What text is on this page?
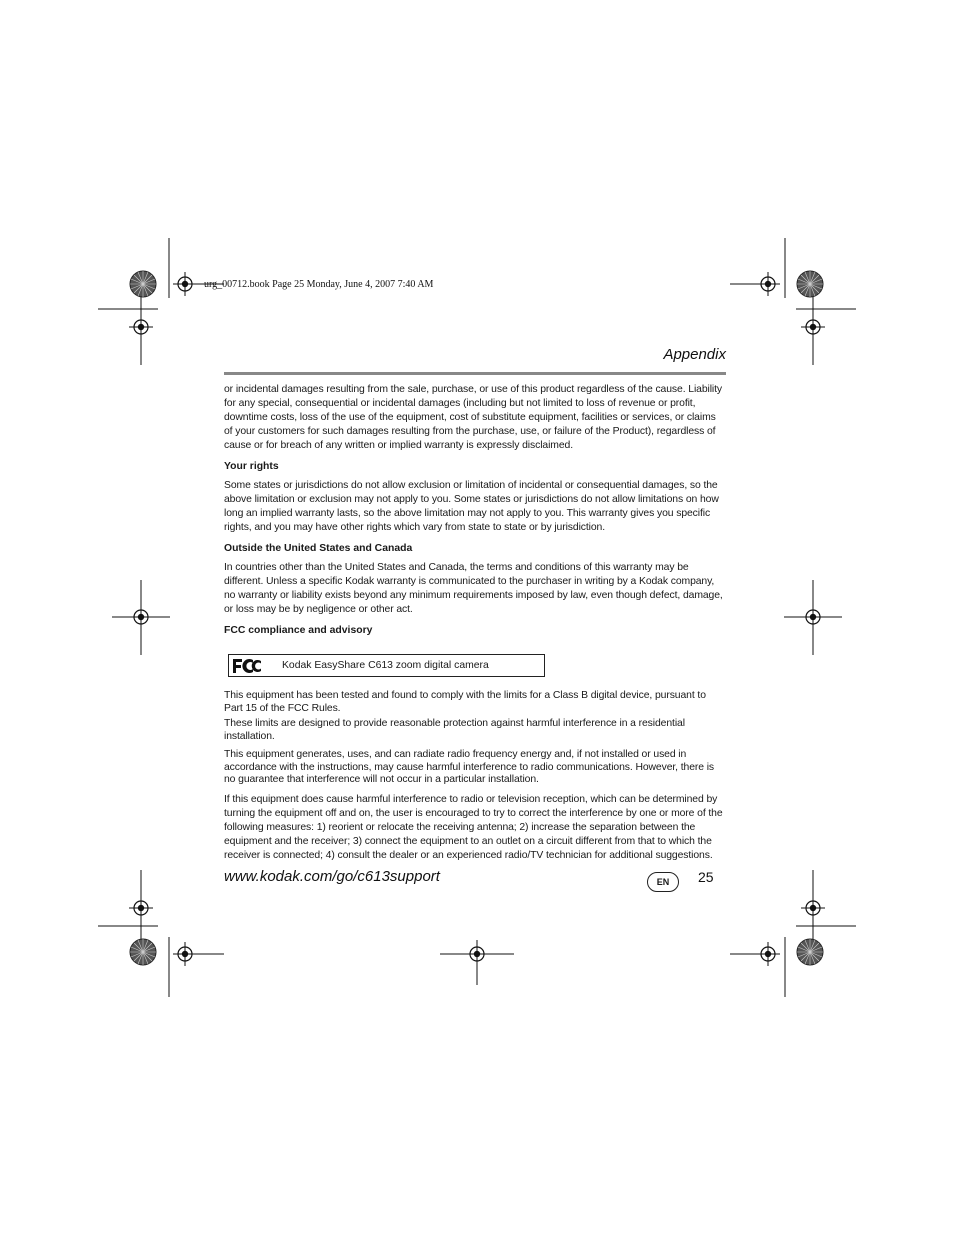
urg_00712.book Page 25 Monday, June 4, 2007 7:40 AM
Appendix

or incidental damages resulting from the sale, purchase, or use of this product regardless of the cause. Liability for any special, consequential or incidental damages (including but not limited to loss of revenue or profit, downtime costs, loss of the use of the equipment, cost of substitute equipment, facilities or services, or claims of your customers for such damages resulting from the purchase, use, or failure of the Product), regardless of cause or for breach of any written or implied warranty is expressly disclaimed.

Your rights

Some states or jurisdictions do not allow exclusion or limitation of incidental or consequential damages, so the above limitation or exclusion may not apply to you. Some states or jurisdictions do not allow limitations on how long an implied warranty lasts, so the above limitation may not apply to you. This warranty gives you specific rights, and you may have other rights which vary from state to state or by jurisdiction.

Outside the United States and Canada

In countries other than the United States and Canada, the terms and conditions of this warranty may be different. Unless a specific Kodak warranty is communicated to the purchaser in writing by a Kodak company, no warranty or liability exists beyond any minimum requirements imposed by law, even though defect, damage, or loss may be by negligence or other act.

FCC compliance and advisory

Kodak EasyShare C613 zoom digital camera

This equipment has been tested and found to comply with the limits for a Class B digital device, pursuant to Part 15 of the FCC Rules.

These limits are designed to provide reasonable protection against harmful interference in a residential installation.

This equipment generates, uses, and can radiate radio frequency energy and, if not installed or used in accordance with the instructions, may cause harmful interference to radio communications. However, there is no guarantee that interference will not occur in a particular installation.

If this equipment does cause harmful interference to radio or television reception, which can be determined by turning the equipment off and on, the user is encouraged to try to correct the interference by one or more of the following measures: 1) reorient or relocate the receiving antenna; 2) increase the separation between the equipment and the receiver; 3) connect the equipment to an outlet on a circuit different from that to which the receiver is connected; 4) consult the dealer or an experienced radio/TV technician for additional suggestions.

www.kodak.com/go/c613support	EN	25
